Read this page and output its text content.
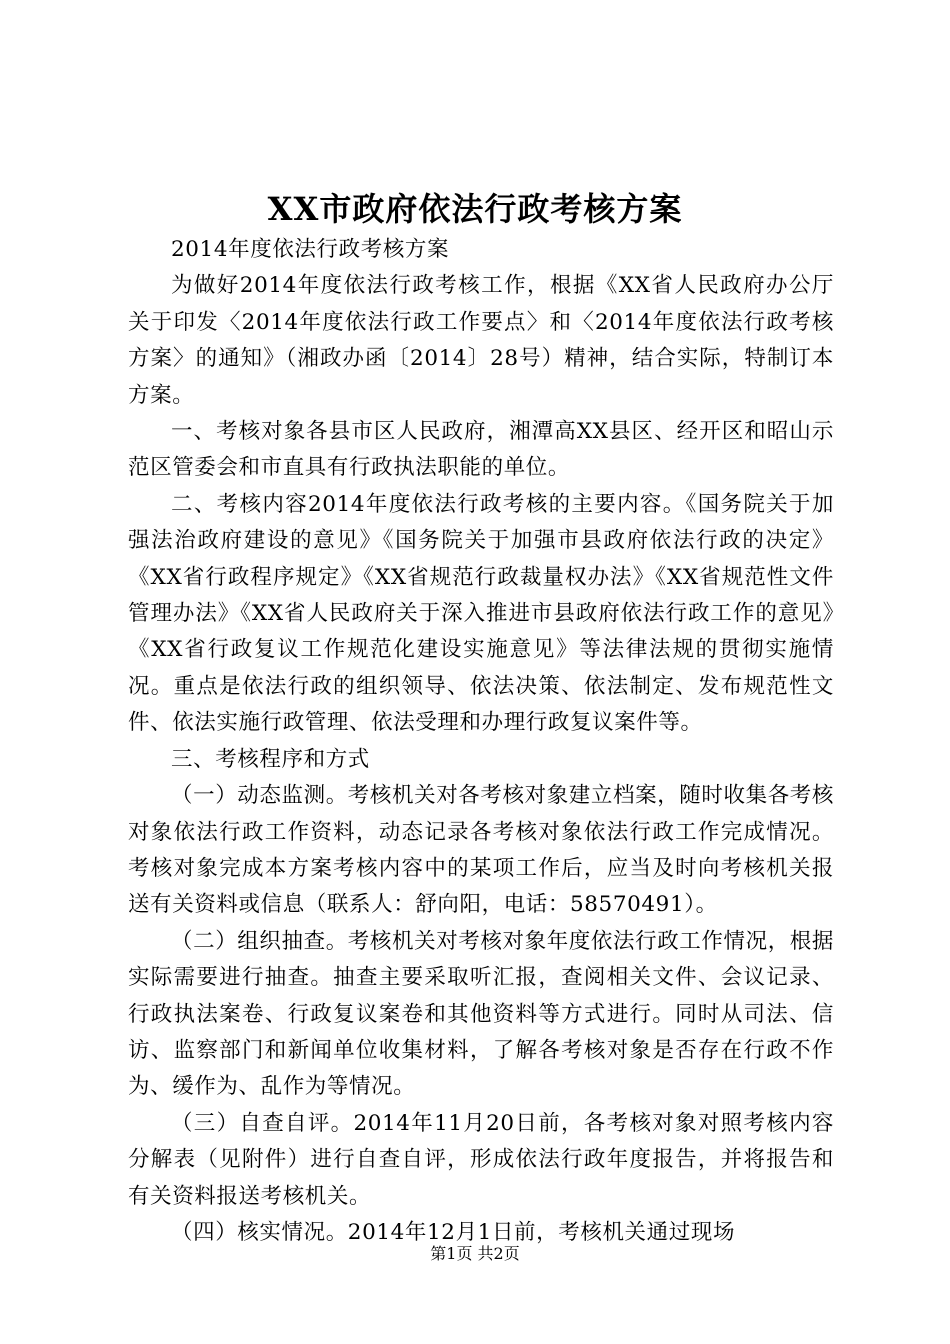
XX市政府依法行政考核方案

2014年度依法行政考核方案

为做好2014年度依法行政考核工作，根据《XX省人民政府办公厅关于印发〈2014年度依法行政工作要点〉和〈2014年度依法行政考核方案〉的通知》（湘政办函〔2014〕28号）精神，结合实际，特制订本方案。

一、考核对象各县市区人民政府，湘潭高XX县区、经开区和昭山示范区管委会和市直具有行政执法职能的单位。

二、考核内容2014年度依法行政考核的主要内容。《国务院关于加强法治政府建设的意见》《国务院关于加强市县政府依法行政的决定》《XX省行政程序规定》《XX省规范行政裁量权办法》《XX省规范性文件管理办法》《XX省人民政府关于深入推进市县政府依法行政工作的意见》《XX省行政复议工作规范化建设实施意见》等法律法规的贯彻实施情况。重点是依法行政的组织领导、依法决策、依法制定、发布规范性文件、依法实施行政管理、依法受理和办理行政复议案件等。

三、考核程序和方式

（一）动态监测。考核机关对各考核对象建立档案，随时收集各考核对象依法行政工作资料，动态记录各考核对象依法行政工作完成情况。考核对象完成本方案考核内容中的某项工作后，应当及时向考核机关报送有关资料或信息（联系人：舒向阳，电话：58570491）。

（二）组织抽查。考核机关对考核对象年度依法行政工作情况，根据实际需要进行抽查。抽查主要采取听汇报，查阅相关文件、会议记录、行政执法案卷、行政复议案卷和其他资料等方式进行。同时从司法、信访、监察部门和新闻单位收集材料，了解各考核对象是否存在行政不作为、缓作为、乱作为等情况。

（三）自查自评。2014年11月20日前，各考核对象对照考核内容分解表（见附件）进行自查自评，形成依法行政年度报告，并将报告和有关资料报送考核机关。

（四）核实情况。2014年12月1日前，考核机关通过现场

第1页 共2页
